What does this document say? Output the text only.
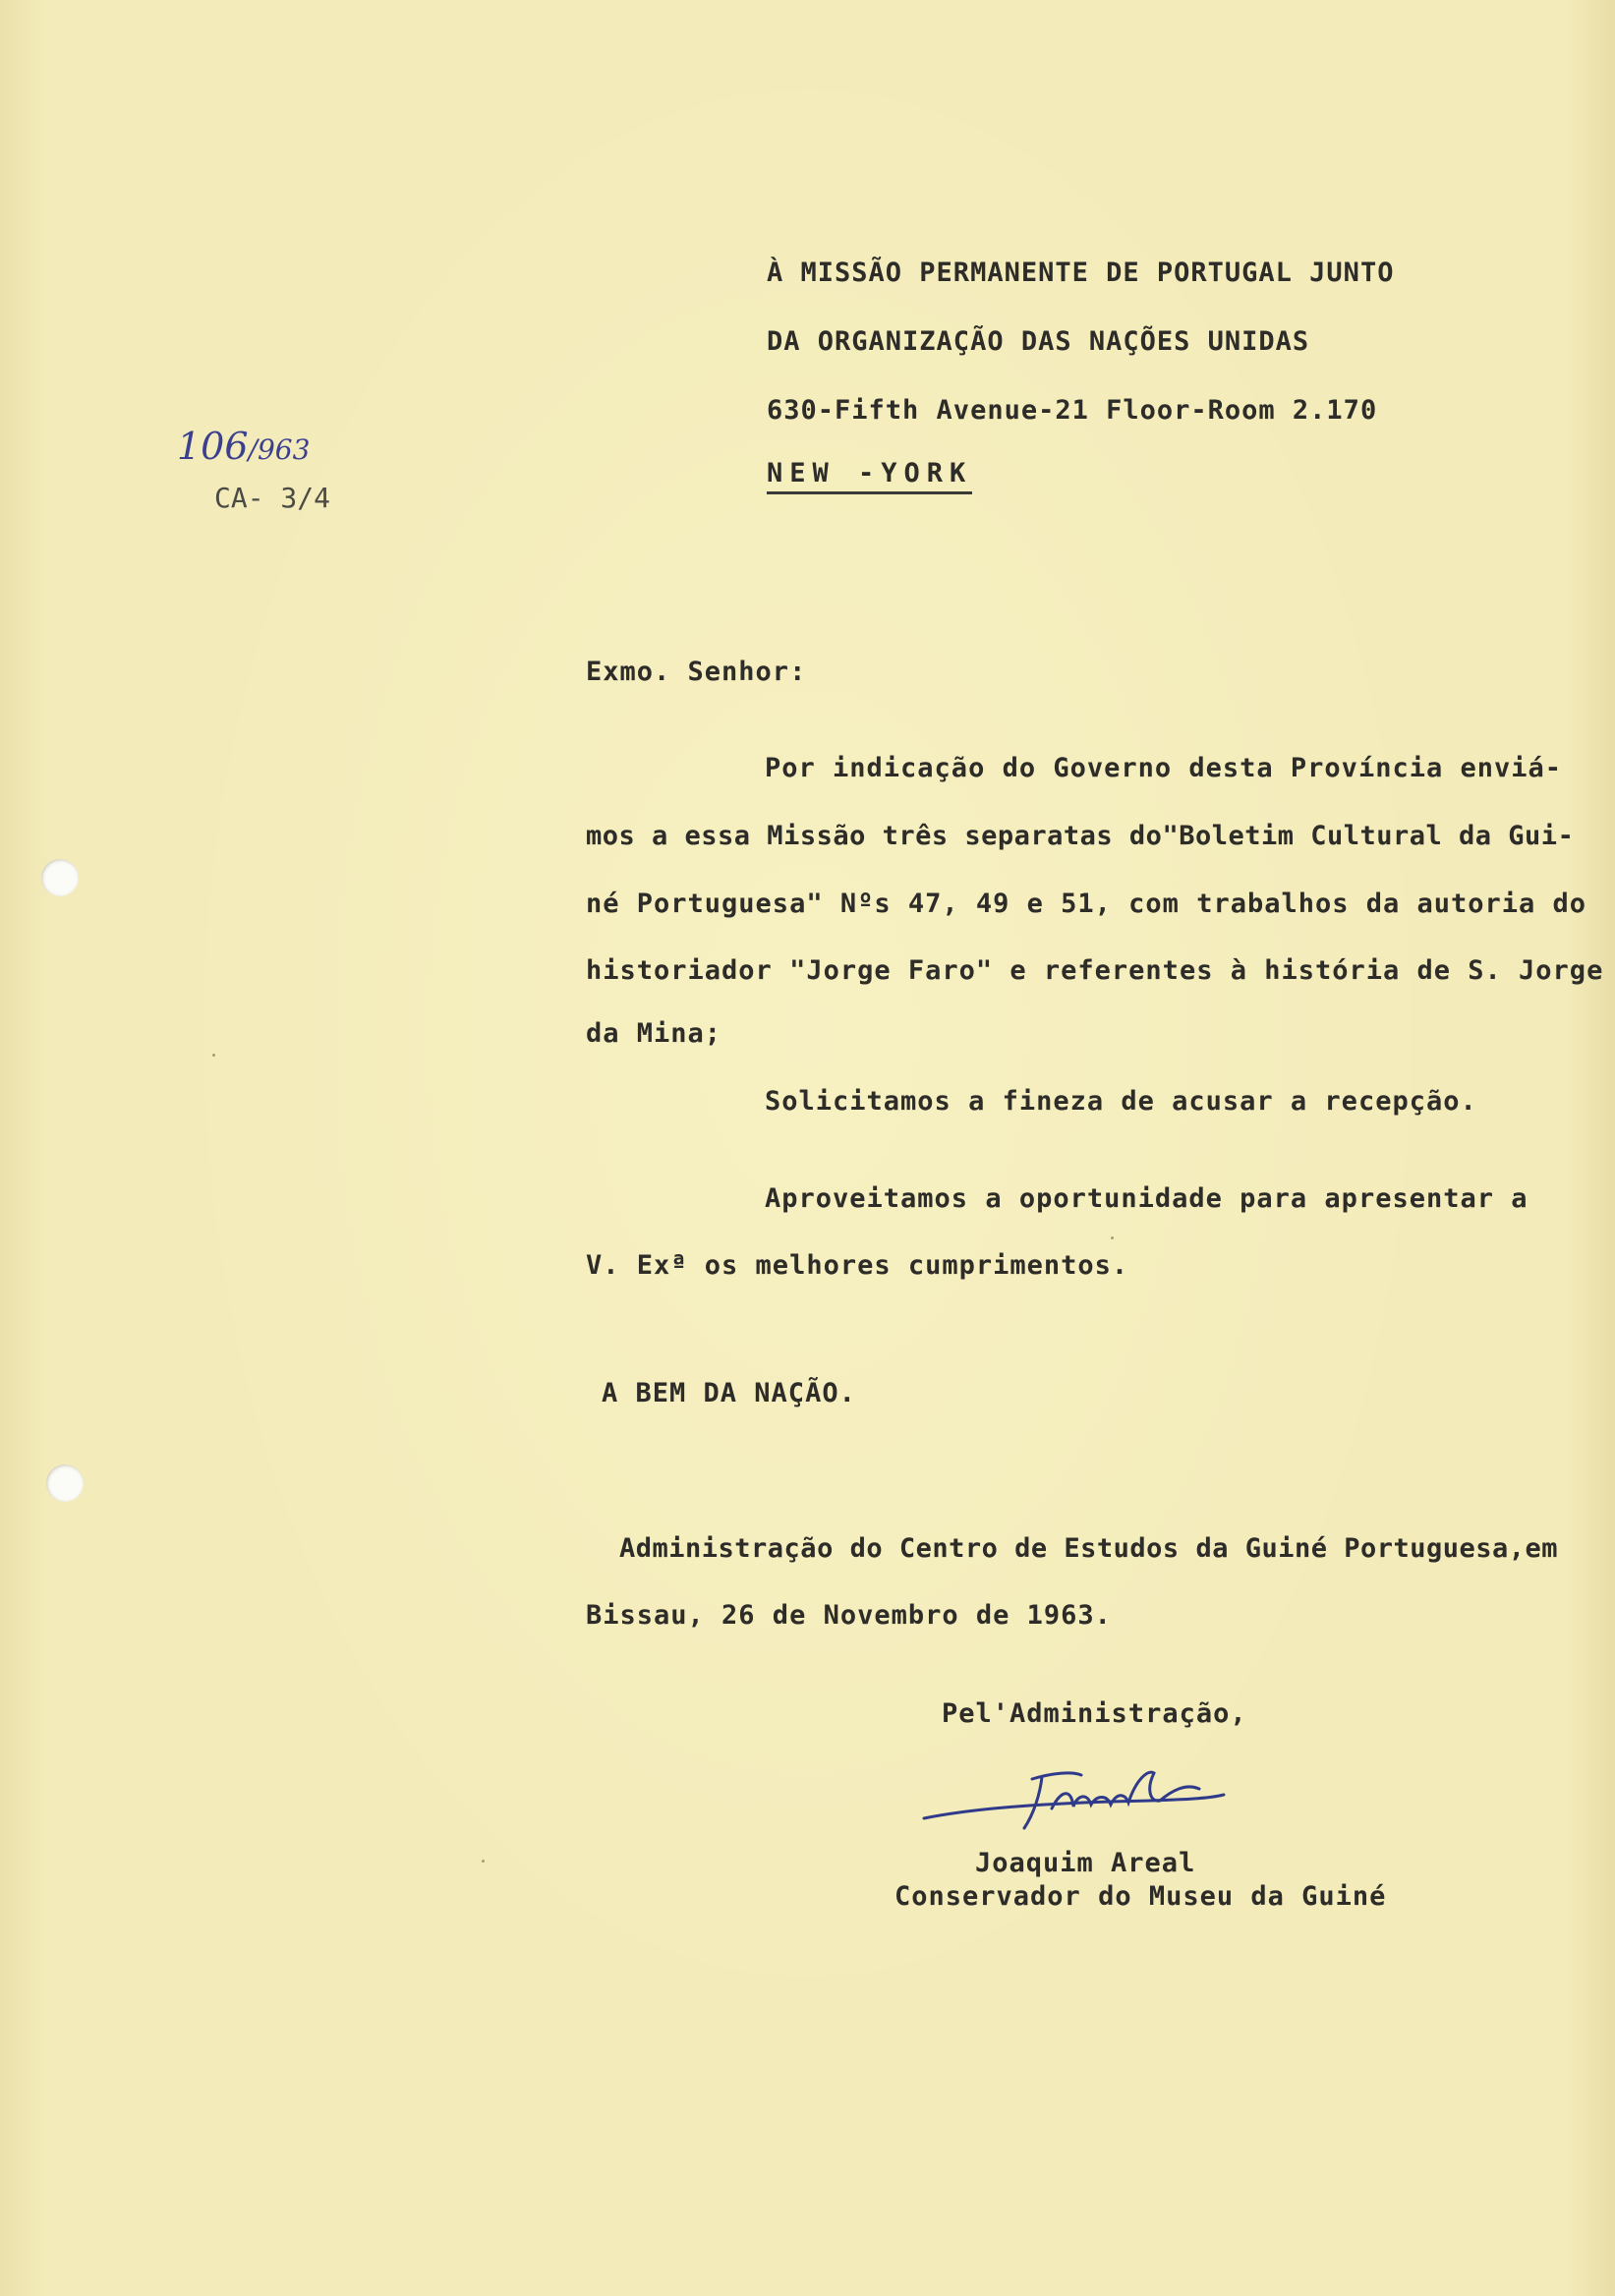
106/963
CA- 3/4
À MISSÃO PERMANENTE DE PORTUGAL JUNTO
DA ORGANIZAÇÃO DAS NAÇÕES UNIDAS
630-Fifth Avenue-21 Floor-Room 2.170
NEW -YORK
Exmo. Senhor:
Por indicação do Governo desta Província enviá-
mos a essa Missão três separatas do"Boletim Cultural da Gui-
né Portuguesa" Nºs 47, 49 e 51, com trabalhos da autoria do
historiador "Jorge Faro" e referentes à história de S. Jorge
da Mina;
Solicitamos a fineza de acusar a recepção.
Aproveitamos a oportunidade para apresentar a
V. Exª os melhores cumprimentos.
A BEM DA NAÇÃO.
Administração do Centro de Estudos da Guiné Portuguesa,em
Bissau, 26 de Novembro de 1963.
Pel'Administração,
Joaquim Areal
Conservador do Museu da Guiné
